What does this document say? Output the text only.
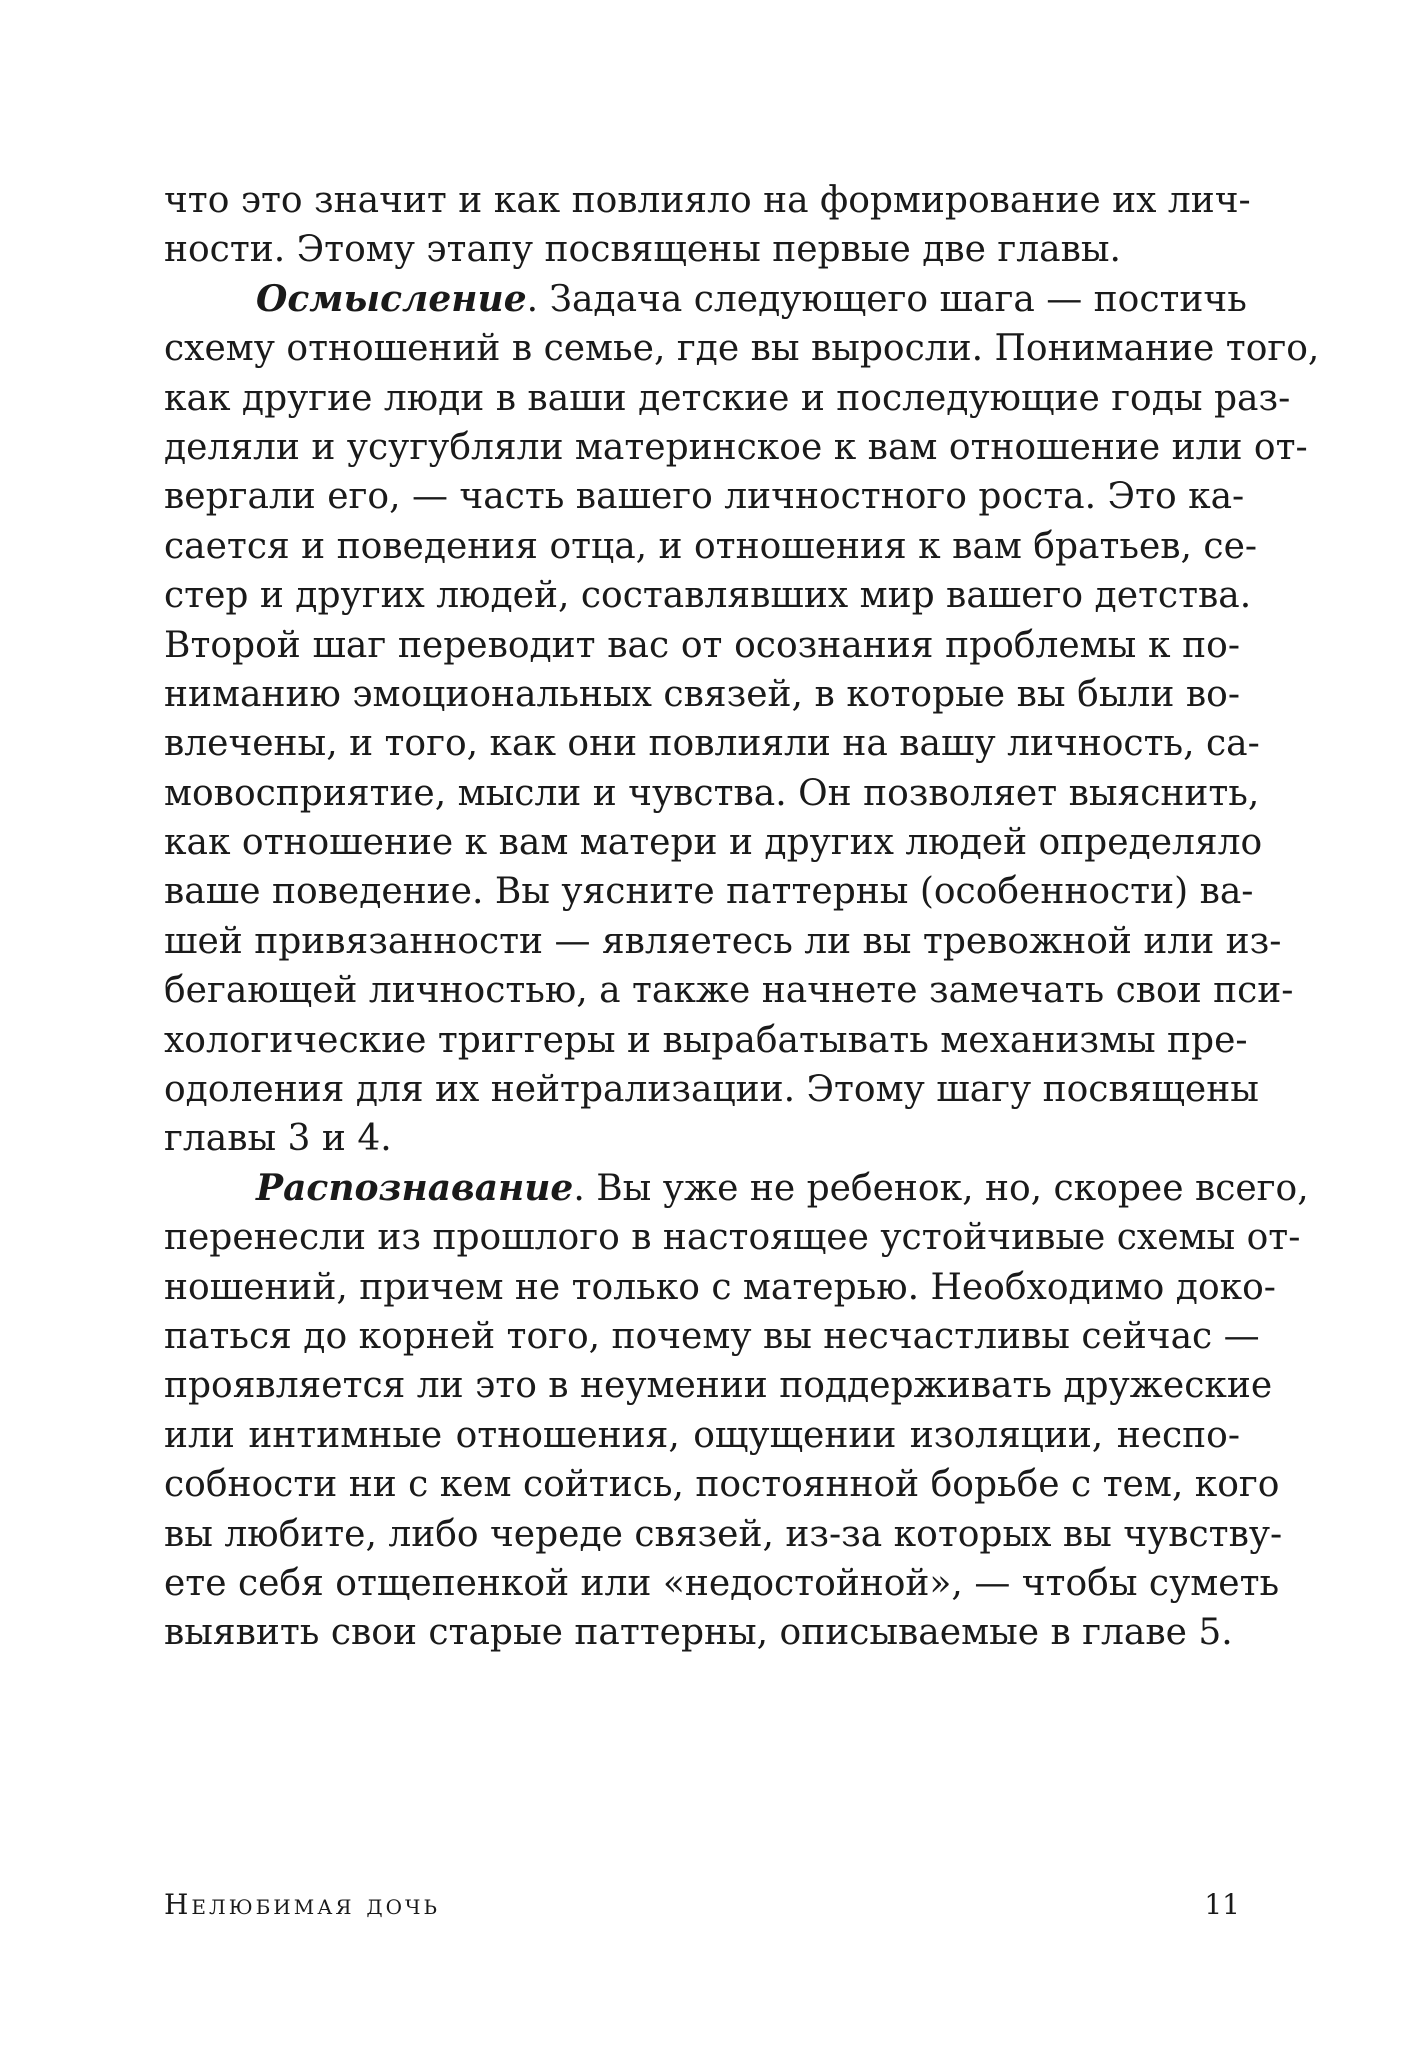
что это значит и как повлияло на формирование их лич-
ности. Этому этапу посвящены первые две главы.
Осмысление. Задача следующего шага — постичь
схему отношений в семье, где вы выросли. Понимание того,
как другие люди в ваши детские и последующие годы раз-
деляли и усугубляли материнское к вам отношение или от-
вергали его, — часть вашего личностного роста. Это ка-
сается и поведения отца, и отношения к вам братьев, се-
стер и других людей, составлявших мир вашего детства.
Второй шаг переводит вас от осознания проблемы к по-
ниманию эмоциональных связей, в которые вы были во-
влечены, и того, как они повлияли на вашу личность, са-
мовосприятие, мысли и чувства. Он позволяет выяснить,
как отношение к вам матери и других людей определяло
ваше поведение. Вы уясните паттерны (особенности) ва-
шей привязанности — являетесь ли вы тревожной или из-
бегающей личностью, а также начнете замечать свои пси-
хологические триггеры и вырабатывать механизмы пре-
одоления для их нейтрализации. Этому шагу посвящены
главы 3 и 4.
Распознавание. Вы уже не ребенок, но, скорее всего,
перенесли из прошлого в настоящее устойчивые схемы от-
ношений, причем не только с матерью. Необходимо доко-
паться до корней того, почему вы несчастливы сейчас —
проявляется ли это в неумении поддерживать дружеские
или интимные отношения, ощущении изоляции, неспо-
собности ни с кем сойтись, постоянной борьбе с тем, кого
вы любите, либо череде связей, из-за которых вы чувству-
ете себя отщепенкой или «недостойной», — чтобы суметь
выявить свои старые паттерны, описываемые в главе 5.
Нелюбимая дочь	11
